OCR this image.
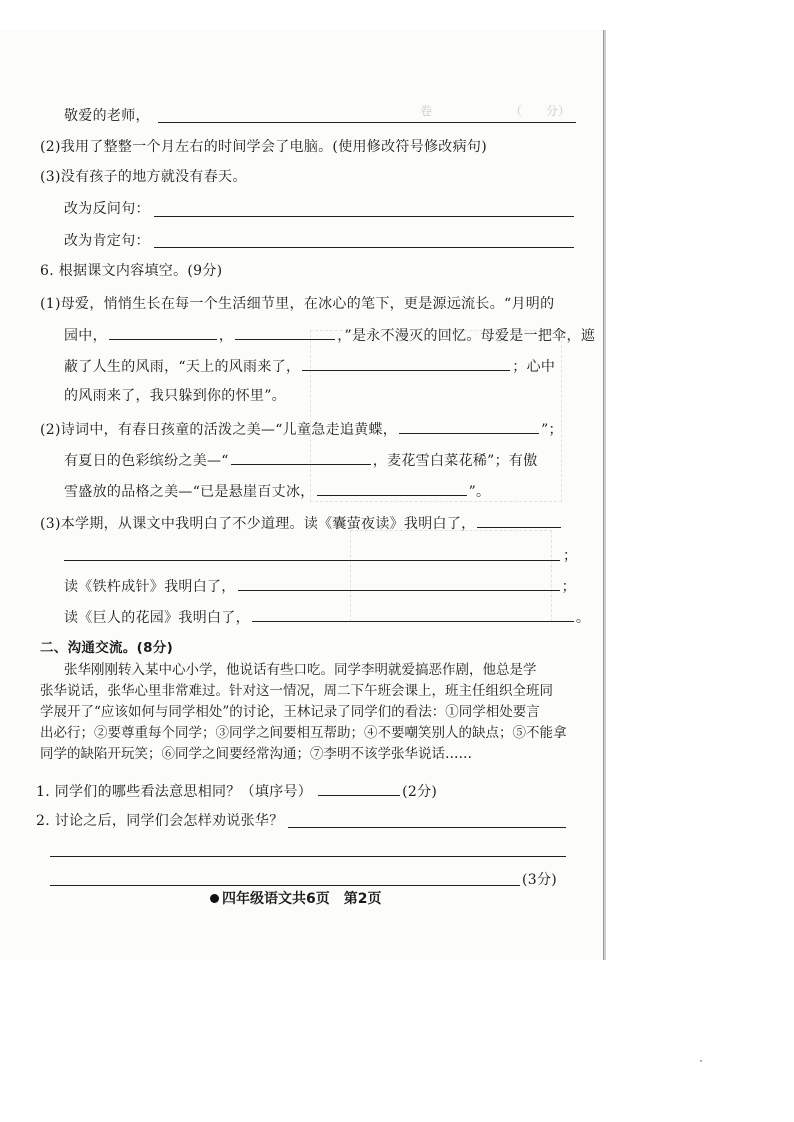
卷　　　　　　　（　　分）

敬爱的老师，
(2)我用了整整一个月左右的时间学会了电脑。(使用修改符号修改病句)
(3)没有孩子的地方就没有春天。
改为反问句：
改为肯定句：
6. 根据课文内容填空。(9分)
(1)母爱，悄悄生长在每一个生活细节里，在冰心的笔下，更是源远流长。“月明的
园中，	，	，”是永不漫灭的回忆。母爱是一把伞，遮
蔽了人生的风雨，“天上的风雨来了，	；心中
的风雨来了，我只躲到你的怀里”。
(2)诗词中，有春日孩童的活泼之美—“儿童急走追黄蝶，	”；
有夏日的色彩缤纷之美—“	，麦花雪白菜花稀”；有傲
雪盛放的品格之美—“已是悬崖百丈冰，	”。
(3)本学期，从课文中我明白了不少道理。读《囊萤夜读》我明白了，
；
读《铁杵成针》我明白了，	；
读《巨人的花园》我明白了，	。
二、沟通交流。(8分)
张华刚刚转入某中心小学，他说话有些口吃。同学李明就爱搞恶作剧，他总是学
张华说话，张华心里非常难过。针对这一情况，周二下午班会课上，班主任组织全班同
学展开了“应该如何与同学相处”的讨论，王林记录了同学们的看法：①同学相处要言
出必行；②要尊重每个同学；③同学之间要相互帮助；④不要嘲笑别人的缺点；⑤不能拿
同学的缺陷开玩笑；⑥同学之间要经常沟通；⑦李明不该学张华说话……
1. 同学们的哪些看法意思相同？（填序号）	(2分)
2. 讨论之后，同学们会怎样劝说张华？
(3分)
四年级语文共6页　第2页
